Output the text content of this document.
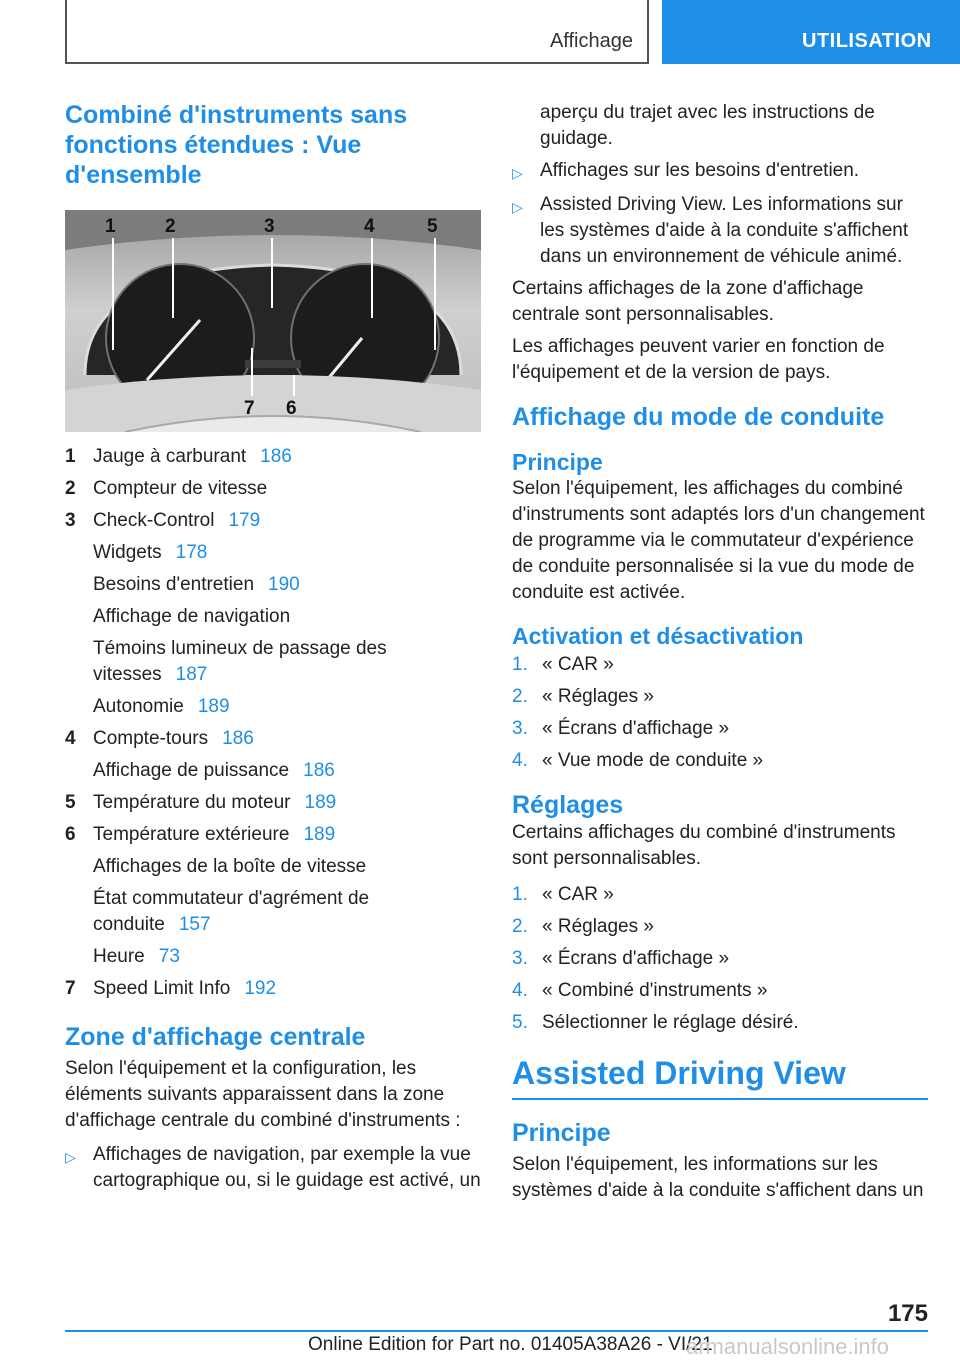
Affichage	UTILISATION
Combiné d'instruments sans fonctions étendues : Vue d'ensemble
1	2	3	4	5
7 6
1 Jauge à carburant 186
2 Compteur de vitesse
3 Check-Control 179
Widgets 178
Besoins d'entretien 190
Affichage de navigation
Témoins lumineux de passage des vitesses 187
Autonomie 189
4 Compte-tours 186
Affichage de puissance 186
5 Température du moteur 189
6 Température extérieure 189
Affichages de la boîte de vitesse
État commutateur d'agrément de conduite 157
Heure 73
7 Speed Limit Info 192
Zone d'affichage centrale
Selon l'équipement et la configuration, les éléments suivants apparaissent dans la zone d'affichage centrale du combiné d'instruments :
▷ Affichages de navigation, par exemple la vue cartographique ou, si le guidage est activé, un
aperçu du trajet avec les instructions de guidage.
▷ Affichages sur les besoins d'entretien.
▷ Assisted Driving View. Les informations sur les systèmes d'aide à la conduite s'affichent dans un environnement de véhicule animé.
Certains affichages de la zone d'affichage centrale sont personnalisables.
Les affichages peuvent varier en fonction de l'équipement et de la version de pays.
Affichage du mode de conduite
Principe
Selon l'équipement, les affichages du combiné d'instruments sont adaptés lors d'un changement de programme via le commutateur d'expérience de conduite personnalisée si la vue du mode de conduite est activée.
Activation et désactivation
1. « CAR »
2. « Réglages »
3. « Écrans d'affichage »
4. « Vue mode de conduite »
Réglages
Certains affichages du combiné d'instruments sont personnalisables.
1. « CAR »
2. « Réglages »
3. « Écrans d'affichage »
4. « Combiné d'instruments »
5. Sélectionner le réglage désiré.
Assisted Driving View
Principe
Selon l'équipement, les informations sur les systèmes d'aide à la conduite s'affichent dans un
175
Online Edition for Part no. 01405A38A26 - VI/21
armanualsonline.info
